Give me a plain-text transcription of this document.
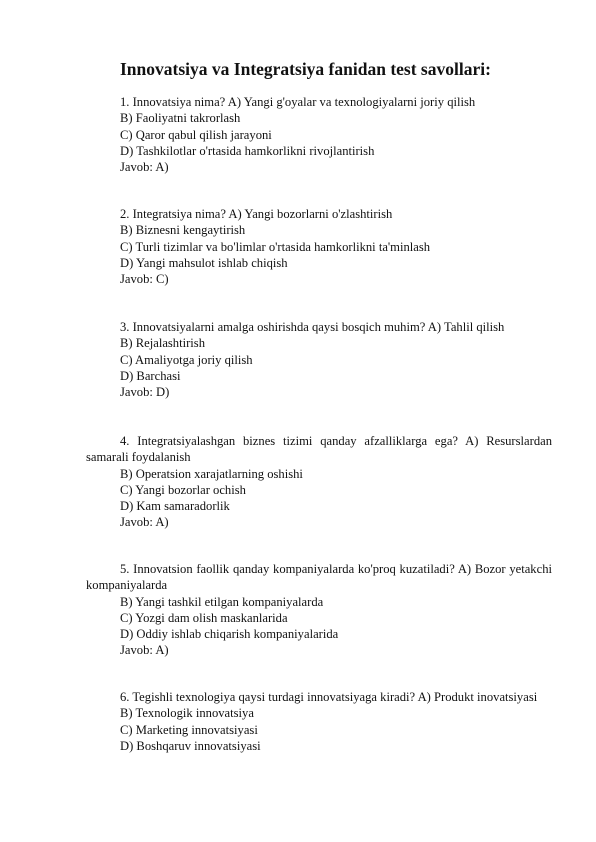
Innovatsiya va Integratsiya fanidan test savollari:
1. Innovatsiya nima? A) Yangi g'oyalar va texnologiyalarni joriy qilish
B) Faoliyatni takrorlash
C) Qaror qabul qilish jarayoni
D) Tashkilotlar o'rtasida hamkorlikni rivojlantirish
Javob: A)
2. Integratsiya nima? A) Yangi bozorlarni o'zlashtirish
B) Biznesni kengaytirish
C) Turli tizimlar va bo'limlar o'rtasida hamkorlikni ta'minlash
D) Yangi mahsulot ishlab chiqish
Javob: C)
3. Innovatsiyalarni amalga oshirishda qaysi bosqich muhim? A) Tahlil qilish
B) Rejalashtirish
C) Amaliyotga joriy qilish
D) Barchasi
Javob: D)
4. Integratsiyalashgan biznes tizimi qanday afzalliklarga ega? A) Resurslardan samarali foydalanish
B) Operatsion xarajatlarning oshishi
C) Yangi bozorlar ochish
D) Kam samaradorlik
Javob: A)
5. Innovatsion faollik qanday kompaniyalarda ko'proq kuzatiladi? A) Bozor yetakchi kompaniyalarda
B) Yangi tashkil etilgan kompaniyalarda
C) Yozgi dam olish maskanlarida
D) Oddiy ishlab chiqarish kompaniyalarida
Javob: A)
6. Tegishli texnologiya qaysi turdagi innovatsiyaga kiradi? A) Produkt inovatsiyasi
B) Texnologik innovatsiya
C) Marketing innovatsiyasi
D) Boshqaruv innovatsiyasi
